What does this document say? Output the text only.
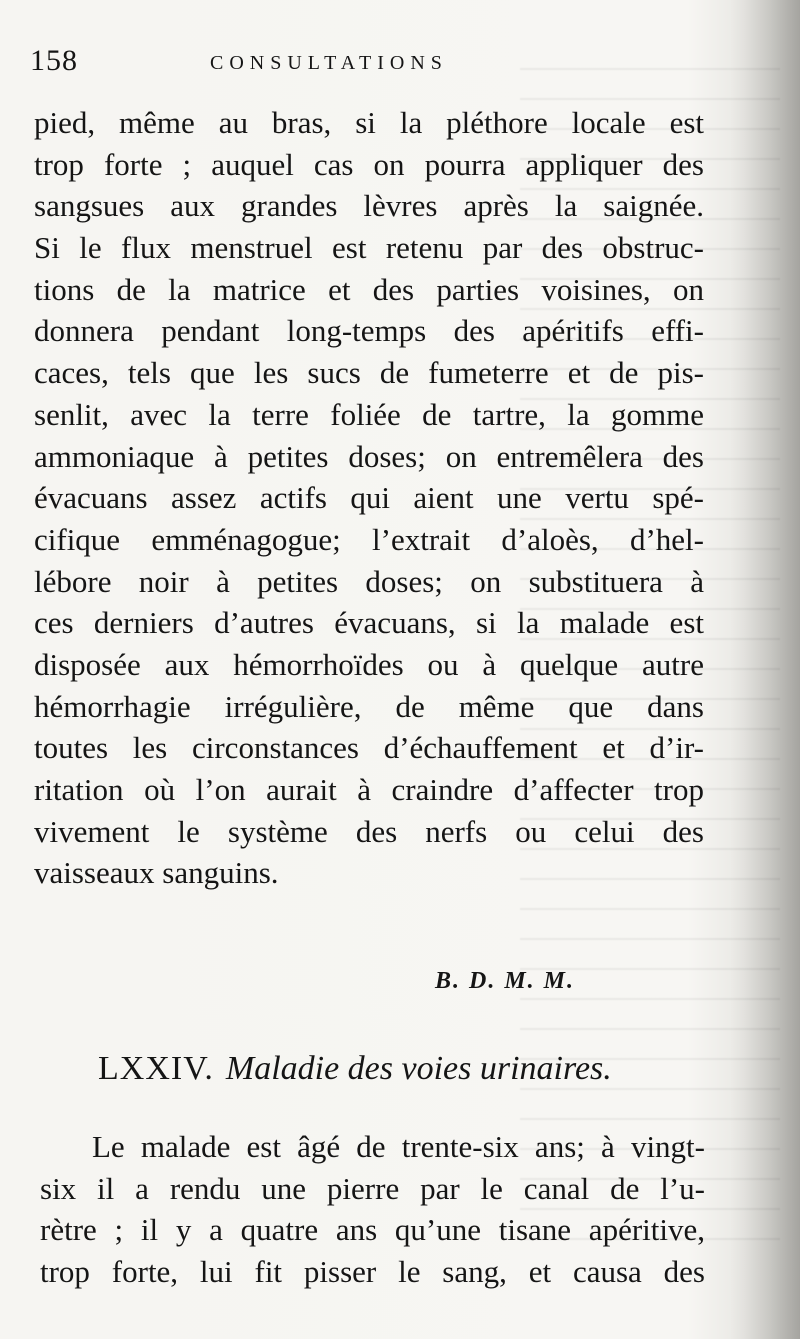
158	CONSULTATIONS
pied, même au bras, si la pléthore locale est
trop forte ; auquel cas on pourra appliquer des
sangsues aux grandes lèvres après la saignée.
Si le flux menstruel est retenu par des obstruc-
tions de la matrice et des parties voisines, on
donnera pendant long-temps des apéritifs effi-
caces, tels que les sucs de fumeterre et de pis-
senlit, avec la terre foliée de tartre, la gomme
ammoniaque à petites doses; on entremêlera des
évacuans assez actifs qui aient une vertu spé-
cifique emménagogue; l’extrait d’aloès, d’hel-
lébore noir à petites doses; on substituera à
ces derniers d’autres évacuans, si la malade est
disposée aux hémorrhoïdes ou à quelque autre
hémorrhagie irrégulière, de même que dans
toutes les circonstances d’échauffement et d’ir-
ritation où l’on aurait à craindre d’affecter trop
vivement le système des nerfs ou celui des
vaisseaux sanguins.
B. D. M. M.
LXXIV. Maladie des voies urinaires.
Le malade est âgé de trente-six ans; à vingt-
six il a rendu une pierre par le canal de l’u-
rètre ; il y a quatre ans qu’une tisane apéritive,
trop forte, lui fit pisser le sang, et causa des
